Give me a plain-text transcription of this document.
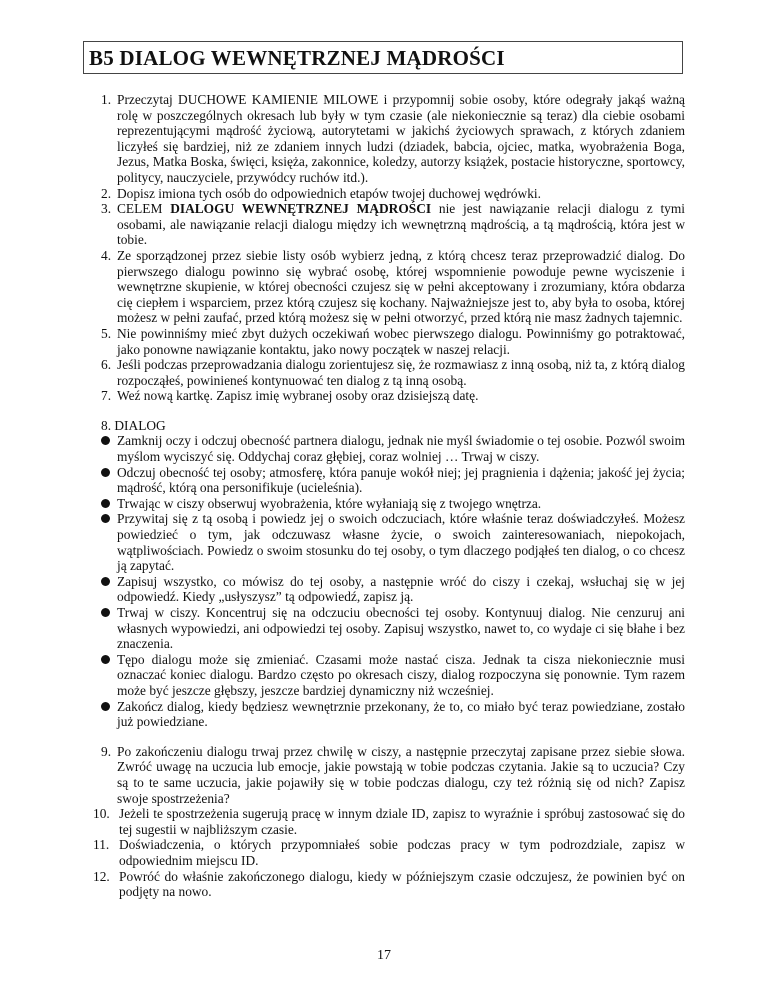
B5 DIALOG WEWNĘTRZNEJ MĄDROŚCI
1. Przeczytaj DUCHOWE KAMIENIE MILOWE i przypomnij sobie osoby, które odegrały jakąś ważną rolę w poszczególnych okresach lub były w tym czasie (ale niekoniecznie są teraz) dla ciebie osobami reprezentującymi mądrość życiową, autorytetami w jakichś życiowych sprawach, z których zdaniem liczyłeś się bardziej, niż ze zdaniem innych ludzi (dziadek, babcia, ojciec, matka, wyobrażenia Boga, Jezus, Matka Boska, święci, księża, zakonnice, koledzy, autorzy książek, postacie historyczne, sportowcy, politycy, nauczyciele, przywódcy ruchów itd.).
2. Dopisz imiona tych osób do odpowiednich etapów twojej duchowej wędrówki.
3. CELEM DIALOGU WEWNĘTRZNEJ MĄDROŚCI nie jest nawiązanie relacji dialogu z tymi osobami, ale nawiązanie relacji dialogu między ich wewnętrzną mądrością, a tą mądrością, która jest w tobie.
4. Ze sporządzonej przez siebie listy osób wybierz jedną, z którą chcesz teraz przeprowadzić dialog. Do pierwszego dialogu powinno się wybrać osobę, której wspomnienie powoduje pewne wyciszenie i wewnętrzne skupienie, w której obecności czujesz się w pełni akceptowany i zrozumiany, która obdarza cię ciepłem i wsparciem, przez którą czujesz się kochany. Najważniejsze jest to, aby była to osoba, której możesz w pełni zaufać, przed którą możesz się w pełni otworzyć, przed którą nie masz żadnych tajemnic.
5. Nie powinniśmy mieć zbyt dużych oczekiwań wobec pierwszego dialogu. Powinniśmy go potraktować, jako ponowne nawiązanie kontaktu, jako nowy początek w naszej relacji.
6. Jeśli podczas przeprowadzania dialogu zorientujesz się, że rozmawiasz z inną osobą, niż ta, z którą dialog rozpocząłeś, powinieneś kontynuować ten dialog z tą inną osobą.
7. Weź nową kartkę. Zapisz imię wybranej osoby oraz dzisiejszą datę.
8. DIALOG
Zamknij oczy i odczuj obecność partnera dialogu, jednak nie myśl świadomie o tej osobie. Pozwól swoim myślom wyciszyć się. Oddychaj coraz głębiej, coraz wolniej … Trwaj w ciszy.
Odczuj obecność tej osoby; atmosferę, która panuje wokół niej; jej pragnienia i dążenia; jakość jej życia; mądrość, którą ona personifikuje (ucieleśnia).
Trwając w ciszy obserwuj wyobrażenia, które wyłaniają się z twojego wnętrza.
Przywitaj się z tą osobą i powiedz jej o swoich odczuciach, które właśnie teraz doświadczyłeś. Możesz powiedzieć o tym, jak odczuwasz własne życie, o swoich zainteresowaniach, niepokojach, wątpliwościach. Powiedz o swoim stosunku do tej osoby, o tym dlaczego podjąłeś ten dialog, o co chcesz ją zapytać.
Zapisuj wszystko, co mówisz do tej osoby, a następnie wróć do ciszy i czekaj, wsłuchaj się w jej odpowiedź. Kiedy „usłyszysz” tą odpowiedź, zapisz ją.
Trwaj w ciszy. Koncentruj się na odczuciu obecności tej osoby. Kontynuuj dialog. Nie cenzuruj ani własnych wypowiedzi, ani odpowiedzi tej osoby. Zapisuj wszystko, nawet to, co wydaje ci się błahe i bez znaczenia.
Tępo dialogu może się zmieniać. Czasami może nastać cisza. Jednak ta cisza niekoniecznie musi oznaczać koniec dialogu. Bardzo często po okresach ciszy, dialog rozpoczyna się ponownie. Tym razem może być jeszcze głębszy, jeszcze bardziej dynamiczny niż wcześniej.
Zakończ dialog, kiedy będziesz wewnętrznie przekonany, że to, co miało być teraz powiedziane, zostało już powiedziane.
9. Po zakończeniu dialogu trwaj przez chwilę w ciszy, a następnie przeczytaj zapisane przez siebie słowa. Zwróć uwagę na uczucia lub emocje, jakie powstają w tobie podczas czytania. Jakie są to uczucia? Czy są to te same uczucia, jakie pojawiły się w tobie podczas dialogu, czy też różnią się od nich? Zapisz swoje spostrzeżenia?
10. Jeżeli te spostrzeżenia sugerują pracę w innym dziale ID, zapisz to wyraźnie i spróbuj zastosować się do tej sugestii w najbliższym czasie.
11. Doświadczenia, o których przypomniałeś sobie podczas pracy w tym podrozdziale, zapisz w odpowiednim miejscu ID.
12. Powróć do właśnie zakończonego dialogu, kiedy w późniejszym czasie odczujesz, że powinien być on podjęty na nowo.
17
